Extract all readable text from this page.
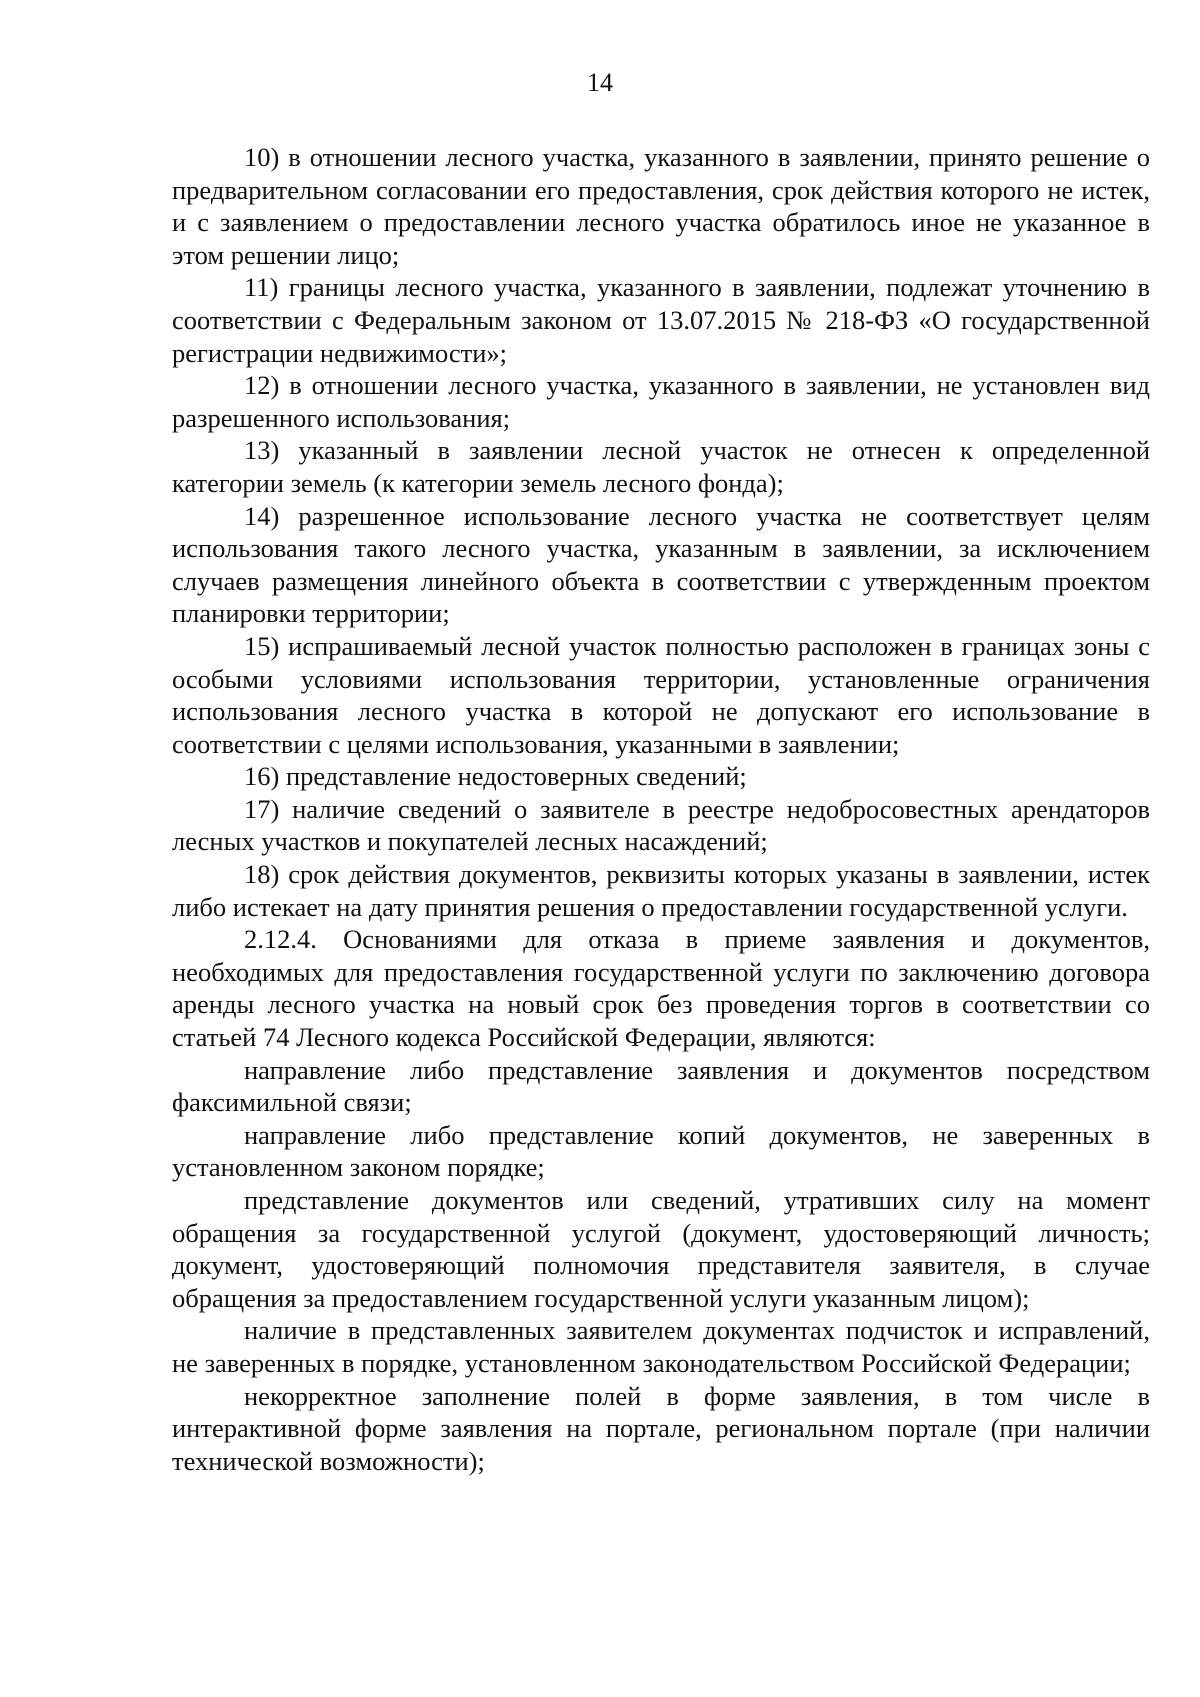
14

10) в отношении лесного участка, указанного в заявлении, принято решение о предварительном согласовании его предоставления, срок действия которого не истек, и с заявлением о предоставлении лесного участка обратилось иное не указанное в этом решении лицо;

11) границы лесного участка, указанного в заявлении, подлежат уточнению в соответствии с Федеральным законом от 13.07.2015 № 218-ФЗ «О государственной регистрации недвижимости»;

12) в отношении лесного участка, указанного в заявлении, не установлен вид разрешенного использования;

13) указанный в заявлении лесной участок не отнесен к определенной категории земель (к категории земель лесного фонда);

14) разрешенное использование лесного участка не соответствует целям использования такого лесного участка, указанным в заявлении, за исключением случаев размещения линейного объекта в соответствии с утвержденным проектом планировки территории;

15) испрашиваемый лесной участок полностью расположен в границах зоны с особыми условиями использования территории, установленные ограничения использования лесного участка в которой не допускают его использование в соответствии с целями использования, указанными в заявлении;

16) представление недостоверных сведений;

17) наличие сведений о заявителе в реестре недобросовестных арендаторов лесных участков и покупателей лесных насаждений;

18) срок действия документов, реквизиты которых указаны в заявлении, истек либо истекает на дату принятия решения о предоставлении государственной услуги.

2.12.4. Основаниями для отказа в приеме заявления и документов, необходимых для предоставления государственной услуги по заключению договора аренды лесного участка на новый срок без проведения торгов в соответствии со статьей 74 Лесного кодекса Российской Федерации, являются:

направление либо представление заявления и документов посредством факсимильной связи;

направление либо представление копий документов, не заверенных в установленном законом порядке;

представление документов или сведений, утративших силу на момент обращения за государственной услугой (документ, удостоверяющий личность; документ, удостоверяющий полномочия представителя заявителя, в случае обращения за предоставлением государственной услуги указанным лицом);

наличие в представленных заявителем документах подчисток и исправлений, не заверенных в порядке, установленном законодательством Российской Федерации;

некорректное заполнение полей в форме заявления, в том числе в интерактивной форме заявления на портале, региональном портале (при наличии технической возможности);
